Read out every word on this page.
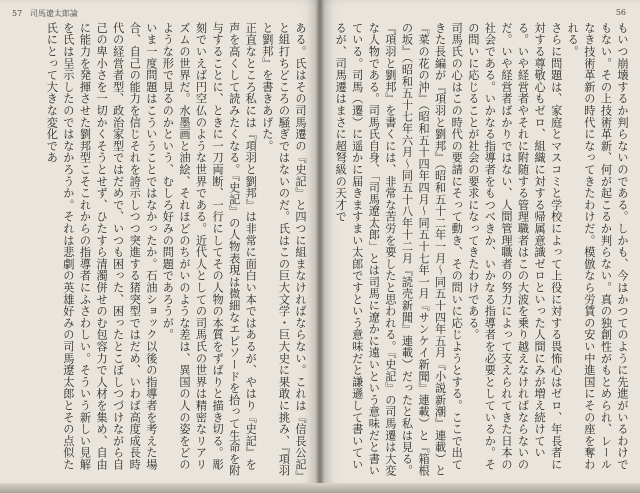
57 司馬遼太郎論

ある。氏はその司馬遷の『史記』と四つに組まなければならない。これは『信長公記』と組打ちどころの騒ぎではないのだ。氏はこの巨大文学・巨大史に果敢に挑み、『項羽と劉邦』を書きあげた。

正直なところ私には『項羽と劉邦』は非常に面白い本ではあるが、やはり『史記』を声を高くして読みたくなる。『史記』の人物表現は微細なエピソードを拾って生命を附与することに、ときに一刀両断、一行にしてその人物の本質をずばりと描き切る。彫刻でいえば円空仏のような世界である。近代人としての司馬氏の世界は精密なリアリズムの世界だ。水墨画と油絵、それほどのちがいのような差は、異国の人の姿をどのような形で見るのかという、むしろ好みの問題であろうが。

いま一度問題はこういうことではなかったか。石油ショック以後の指導者を考えた場合、自己の能力を信じそれを誇示しつつ突進する猪突型ではだめ、いわば高度成長時代の経営者型、政治家型ではだめで、いつも困った、困ったとこぼしつづけながら自己の卑小さを一切かくそうとせず、ひたすら清濁併せのむ包容力で人材を集め、自由に能力を発揮させた劉邦型こそこれからの指導者にふさわしい。そういう新しい見解を氏は呈示したのではなかろうか。それは悲劇の英雄好みの司馬遼太郎とその点似た氏にとって大きな変化であ

56

もいつ崩壊するか判らないのである。しかも、今はかつてのように先進がいるわけでもない。その上技術革新、何が起こるか判らない。真の独創性がもとめられ、レールなき技術革新の時代になってきたわけだ。模倣なら労賃の安い中進国にその座を奪われる。

さらに問題は、家庭とマスコミと学校によって上役に対する畏怖心はゼロ、年長者に対する尊敬心もゼロ、組織に対する帰属意識ゼロといった人間にみが増え続けている。いや経営者やそれに附随する管理職者はこの大波を乗り越えなければならないのだ。いや経営者ばかりではない、人間管理職者の努力によって支えられてきた日本の社会である。いかなる指導者をもつべきか、いかなる指導者を必要としているか。その問いに応じることが社会の要求になってきたわけである。

司馬氏の心はこの時代の要請にそって動き、その問いに応じようとする。ここで出てきた長編が『項羽と劉邦』（昭和五十二年一月～同五十四年五月『小説新潮』連載）と『菜の花の沖』（昭和五十四年四月～同五十七年一月『サンケイ新聞』連載）と『箱根の坂』（昭和五十七年六月～同五十八年十二月『読売新聞』連載）だったと私は見る。

『項羽と劉邦』を書くには、非常な苦労を要したと思われる。『史記』の司馬遷は大変な人物である。司馬氏自身、「司馬遼太郎」とは司馬に遼かに遠いという意味だと書いている。司馬（遷）に遥かに届きますまい太郎ですという意味だと謙遜して書いているが、司馬遷はまさに超弩級の天才で
